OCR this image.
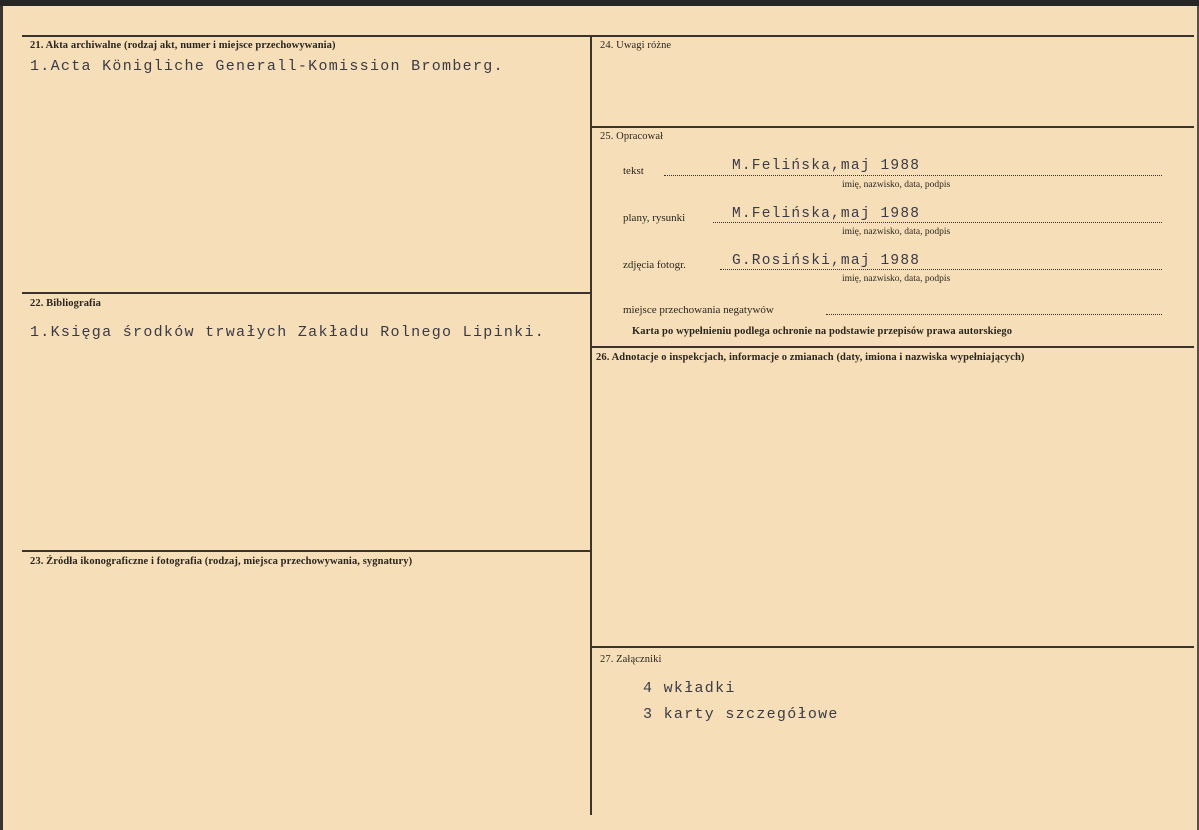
21. Akta archiwalne (rodzaj akt, numer i miejsce przechowywania)
1.Acta Königliche Generall-Komission Bromberg.
22. Bibliografia
1.Księga środków trwałych Zakładu Rolnego Lipinki.
23. Źródła ikonograficzne i fotografia (rodzaj, miejsca przechowywania, sygnatury)
24. Uwagi różne
25. Opracował
tekst	M.Felińska,maj 1988
imię, nazwisko, data, podpis
plany, rysunki	M.Felińska,maj 1988
imię, nazwisko, data, podpis
zdjęcia fotogr.	G.Rosiński,maj 1988
imię, nazwisko, data, podpis
miejsce przechowania negatywów
Karta po wypełnieniu podlega ochronie na podstawie przepisów prawa autorskiego
26. Adnotacje o inspekcjach, informacje o zmianach (daty, imiona i nazwiska wypełniających)
27. Załączniki
4 wkładki
3 karty szczegółowe
